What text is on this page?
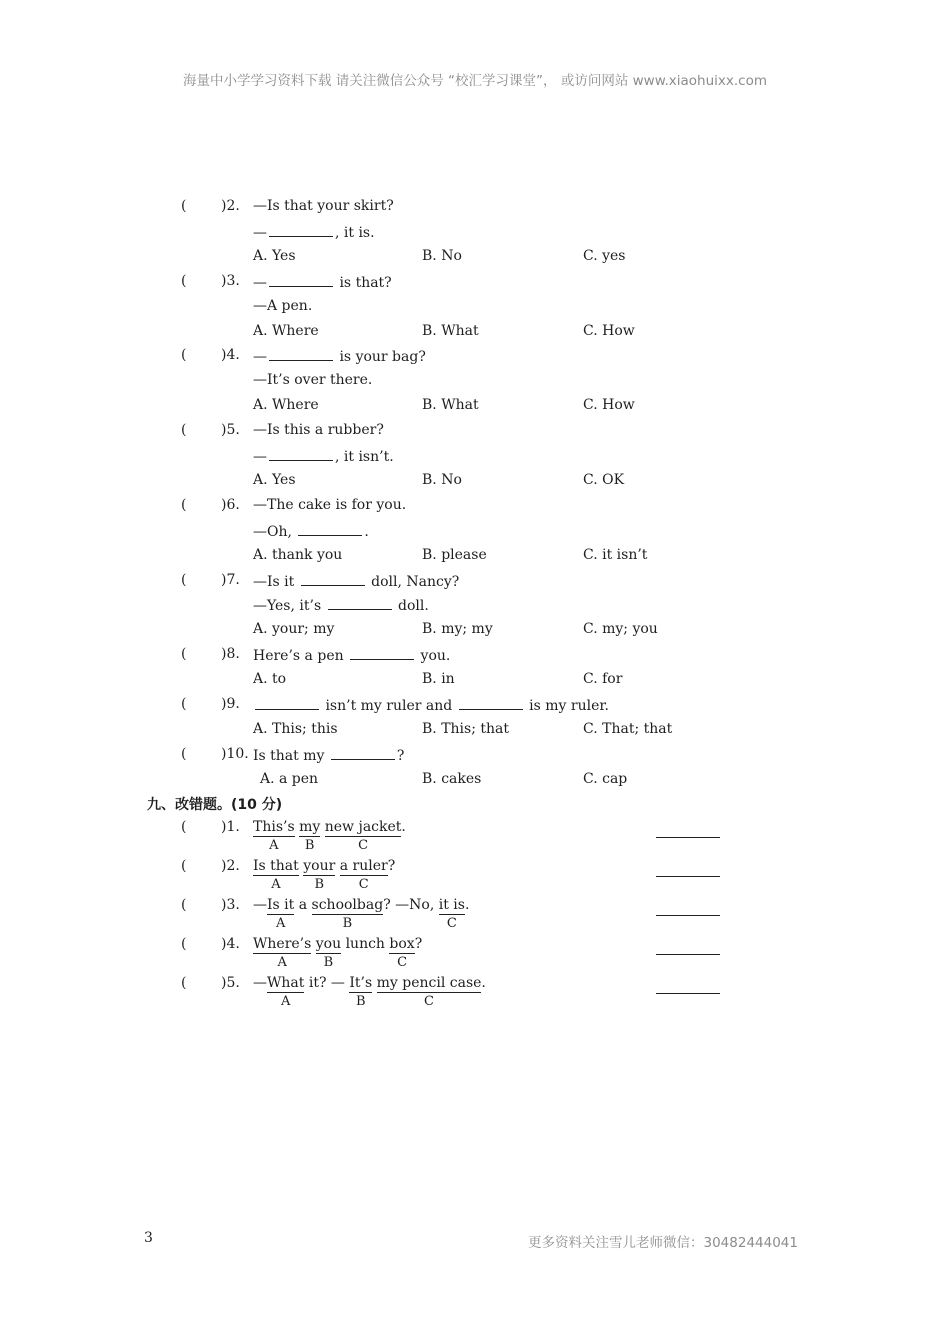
海量中小学学习资料下载 请关注微信公众号 “校汇学习课堂”， 或访问网站 www.xiaohuixx.com
( )2. —Is that your skirt?
—	, it is.
A. Yes	B. No	C. yes
( )3. —	is that?
—A pen.
A. Where	B. What	C. How
( )4. —	is your bag?
—It’s over there.
A. Where	B. What	C. How
( )5. —Is this a rubber?
—	, it isn’t.
A. Yes	B. No	C. OK
( )6. —The cake is for you.
—Oh,	.
A. thank you	B. please	C. it isn’t
( )7. —Is it	doll, Nancy?
—Yes, it’s	doll.
A. your; my	B. my; my	C. my; you
( )8. Here’s a pen	you.
A. to	B. in	C. for
( )9.	isn’t my ruler and	is my ruler.
A. This; this	B. This; that	C. That; that
( )10. Is that my	?
A. a pen	B. cakes	C. cap
九、改错题。(10 分)
( )1. This’s
A
my
B
new jacket
C
.
( )2. Is that
A
your
B
a ruler
C
?
( )3. —Is it
A
a schoolbag
B
? —No, it is
C
.
( )4. Where’s
A
you
B
lunch box
C
?
( )5. —What
A
it? — It’s
B
my pencil case
C
.
3	更多资料关注雪儿老师微信：30482444041
